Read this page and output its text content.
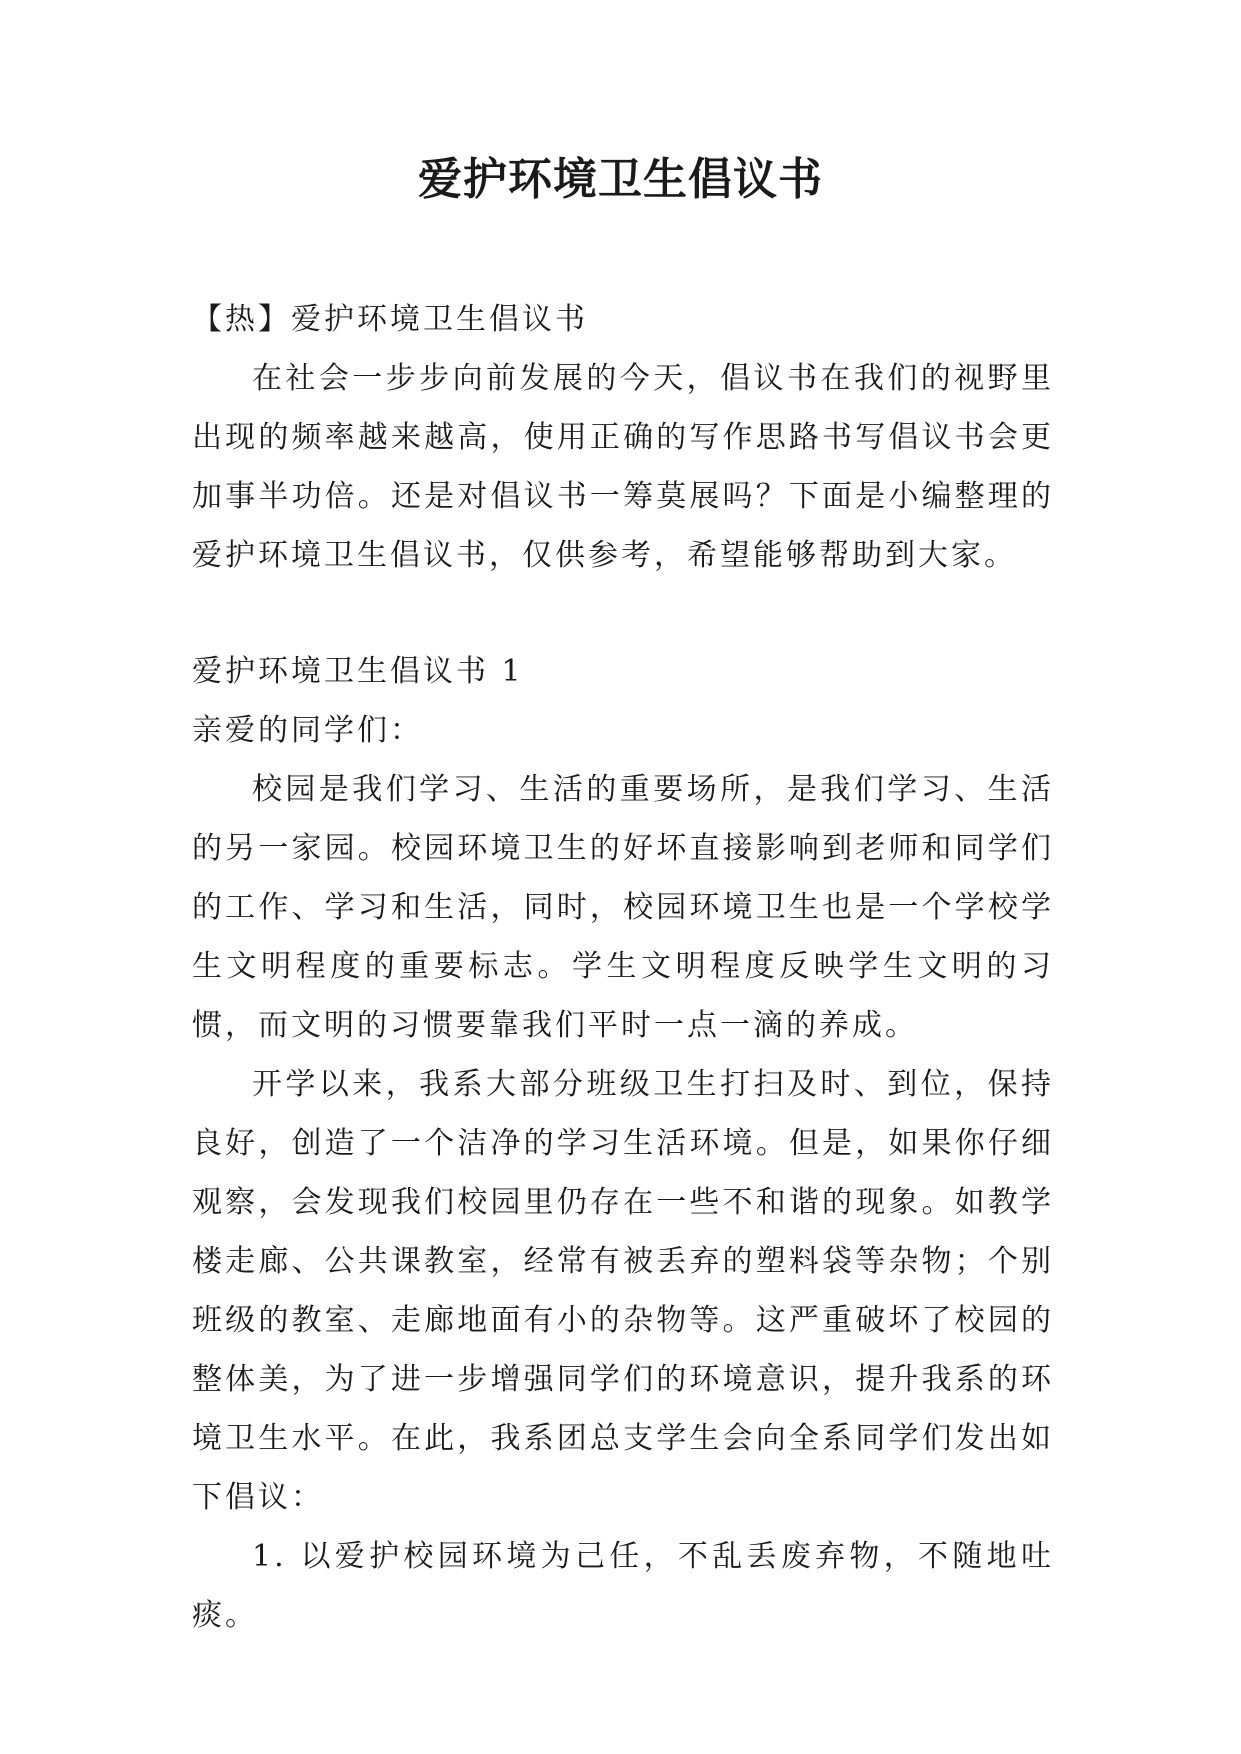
爱护环境卫生倡议书

【热】爱护环境卫生倡议书

在社会一步步向前发展的今天，倡议书在我们的视野里出现的频率越来越高，使用正确的写作思路书写倡议书会更加事半功倍。还是对倡议书一筹莫展吗？下面是小编整理的爱护环境卫生倡议书，仅供参考，希望能够帮助到大家。

爱护环境卫生倡议书 1

亲爱的同学们：

校园是我们学习、生活的重要场所，是我们学习、生活的另一家园。校园环境卫生的好坏直接影响到老师和同学们的工作、学习和生活，同时，校园环境卫生也是一个学校学生文明程度的重要标志。学生文明程度反映学生文明的习惯，而文明的习惯要靠我们平时一点一滴的养成。

开学以来，我系大部分班级卫生打扫及时、到位，保持良好，创造了一个洁净的学习生活环境。但是，如果你仔细观察，会发现我们校园里仍存在一些不和谐的现象。如教学楼走廊、公共课教室，经常有被丢弃的塑料袋等杂物；个别班级的教室、走廊地面有小的杂物等。这严重破坏了校园的整体美，为了进一步增强同学们的环境意识，提升我系的环境卫生水平。在此，我系团总支学生会向全系同学们发出如下倡议：

1. 以爱护校园环境为己任，不乱丢废弃物，不随地吐痰。
